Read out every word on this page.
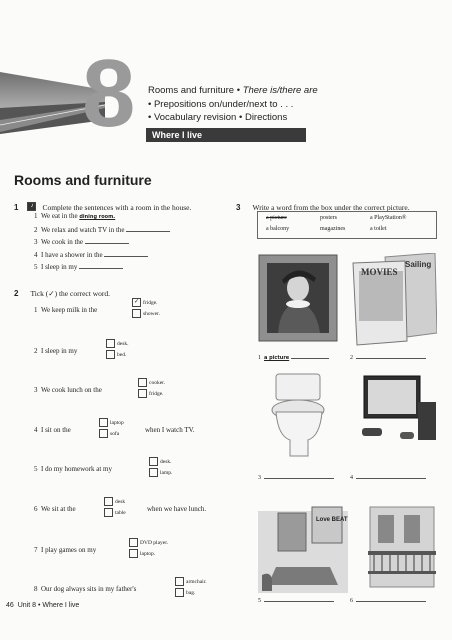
8 Rooms and furniture • There is/there are
• Prepositions on/under/next to . . .
• Vocabulary revision • Directions
Where I live
Rooms and furniture
1 ♪ Complete the sentences with a room in the house.
1 We eat in the dining room.
2 We relax and watch TV in the
3 We cook in the
4 I have a shower in the
5 I sleep in my
2 Tick (✓) the correct word.
1 We keep milk in the
✓ fridge.
shower.
2 I sleep in my
desk.
bed.
3 We cook lunch on the
cooker.
fridge.
4 I sit on the
laptop
sofa	when I watch TV.
5 I do my homework at my
desk.
lamp.
6 We sit at the
desk
table	when we have lunch.
7 I play games on my
DVD player.
laptop.
8 Our dog always sits in my father's
armchair.
bag.
3 Write a word from the box under the correct picture.
a picture	posters	a PlayStation®
a balcony	magazines	a toilet
MOVIES
Sailing
1 a picture	2
3	4
Love BEAT
5	6
46 Unit 8 • Where I live
